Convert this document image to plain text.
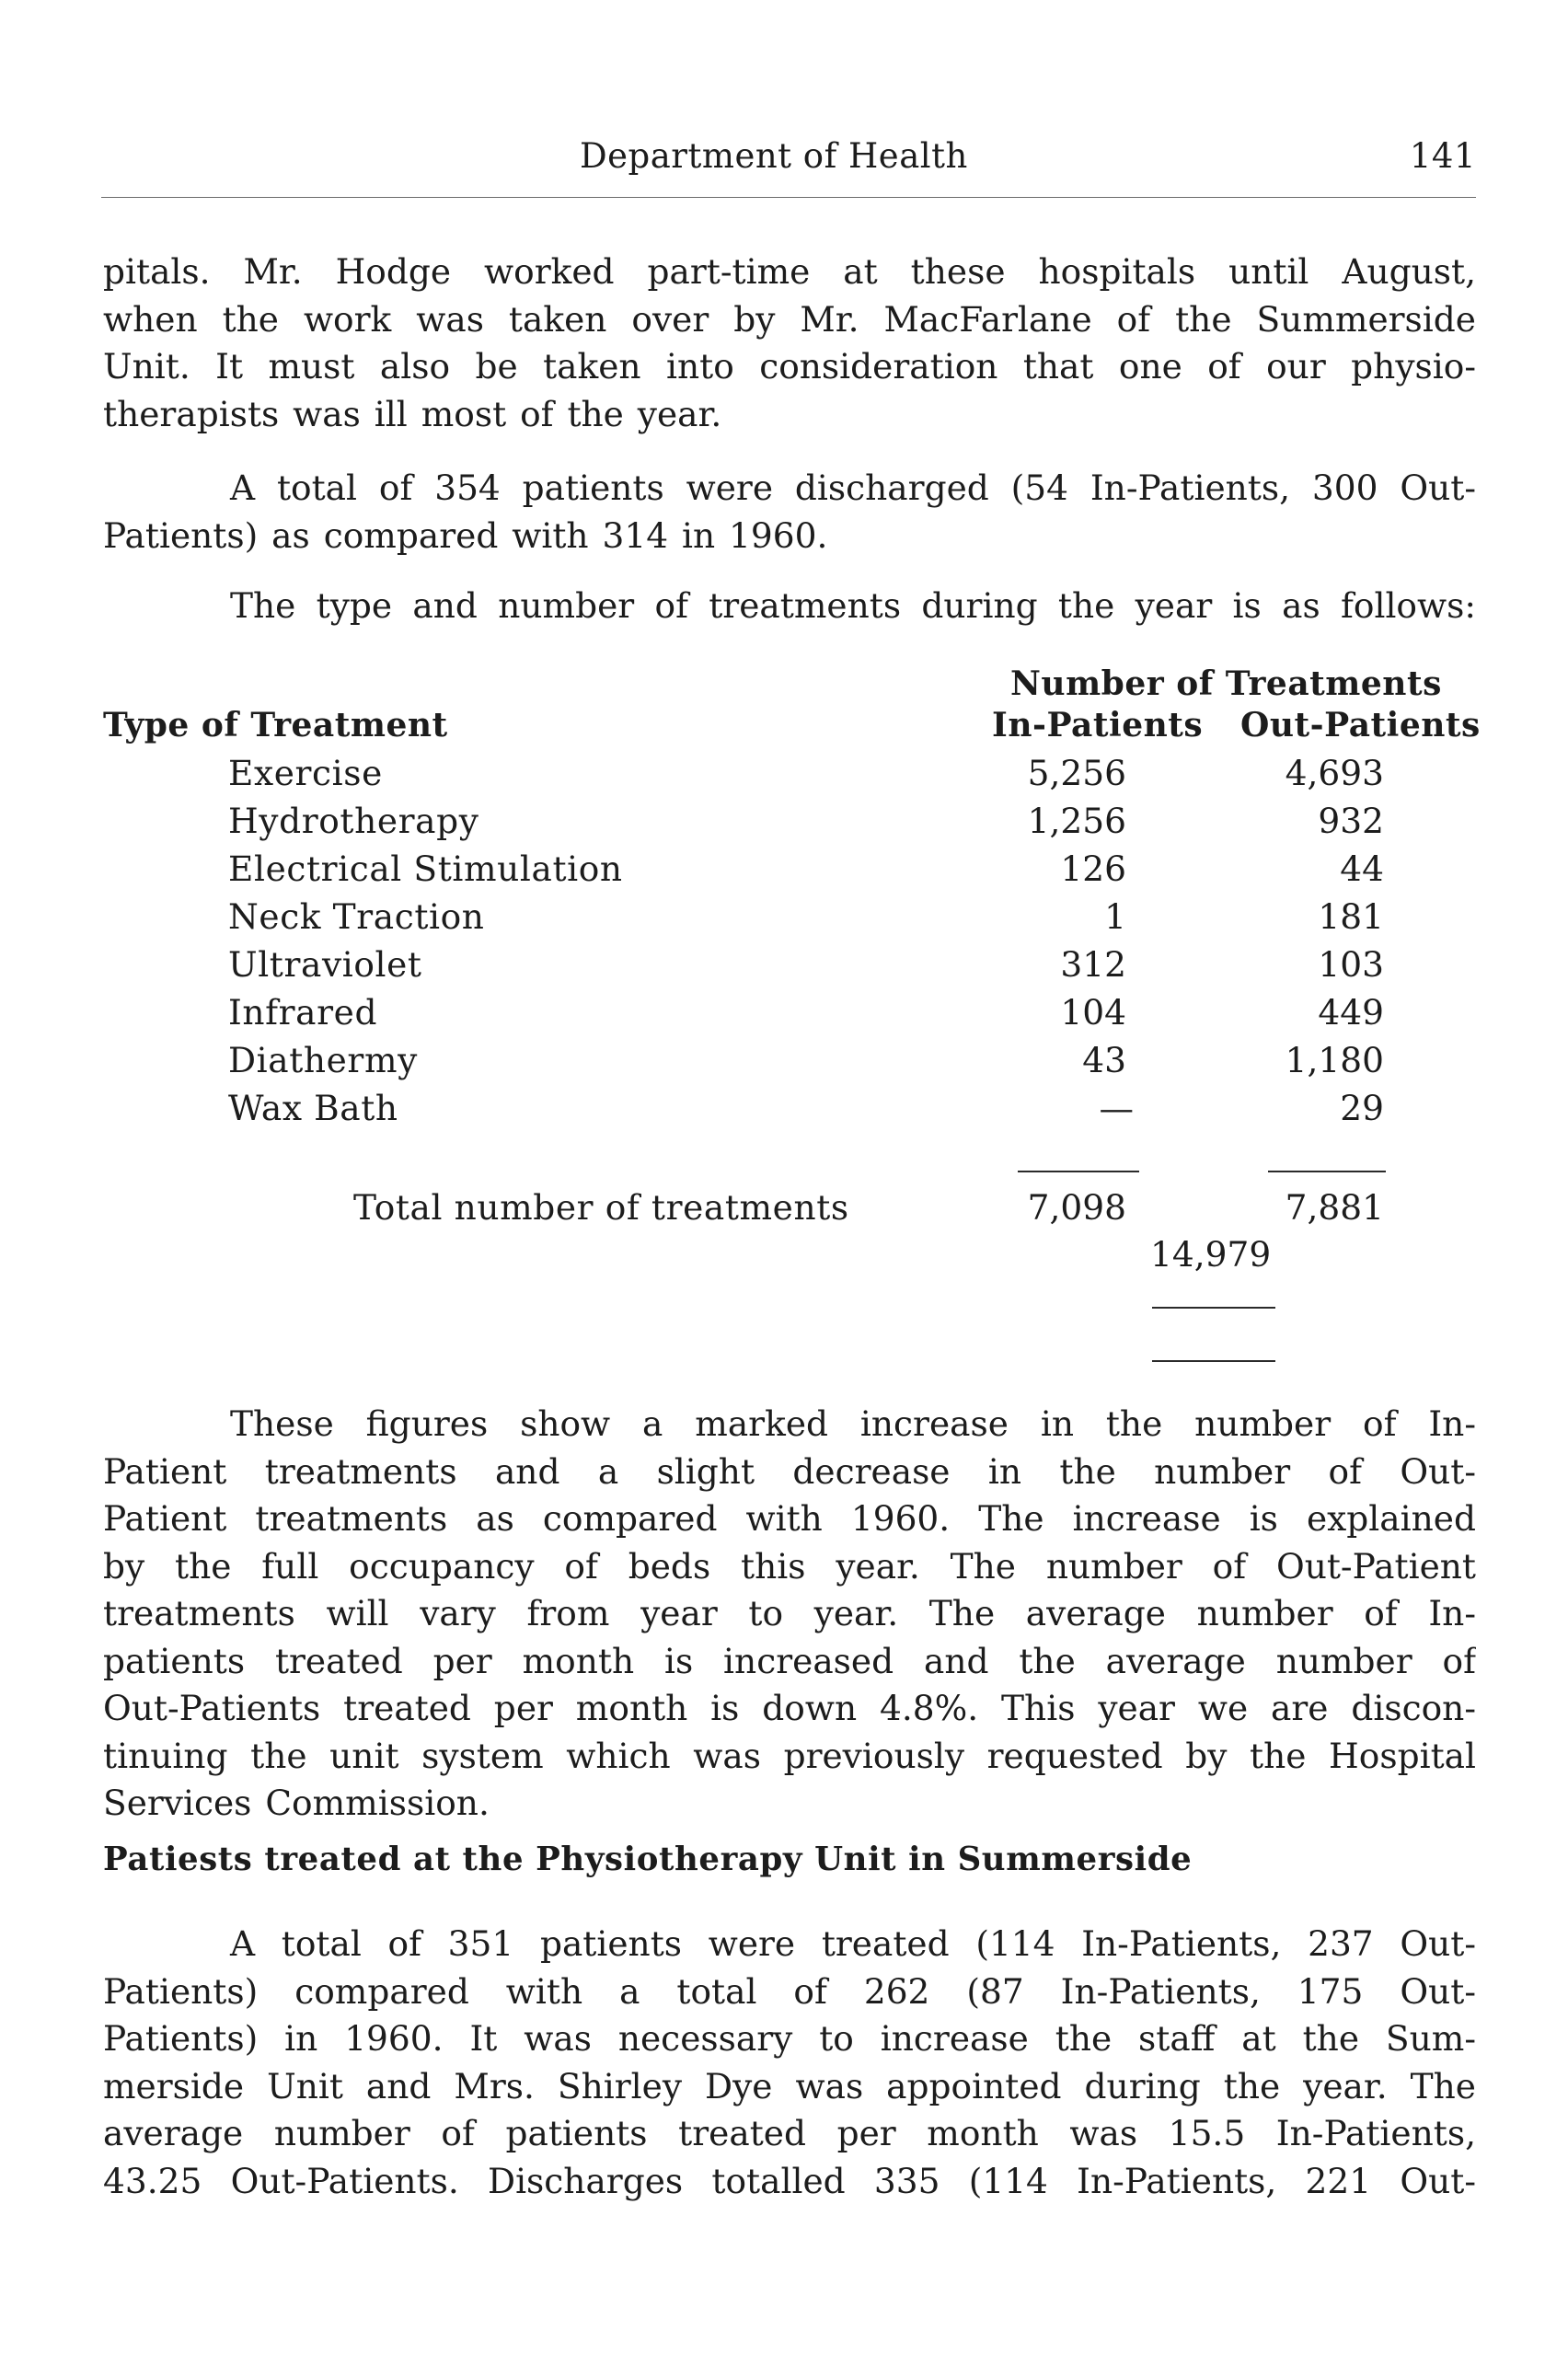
Department of Health	141
pitals. Mr. Hodge worked part-time at these hospitals until August,
when the work was taken over by Mr. MacFarlane of the Summerside
Unit. It must also be taken into consideration that one of our physio-
therapists was ill most of the year.
A total of 354 patients were discharged (54 In-Patients, 300 Out-
Patients) as compared with 314 in 1960.
The type and number of treatments during the year is as follows:
Number of Treatments
Type of Treatment	In-Patients Out-Patients
Exercise	5,256	4,693
Hydrotherapy	1,256	932
Electrical Stimulation	126	44
Neck Traction	1	181
Ultraviolet	312	103
Infrared	104	449
Diathermy	43	1,180
Wax Bath	—	29
Total number of treatments	7,098	7,881
14,979
These figures show a marked increase in the number of In-
Patient treatments and a slight decrease in the number of Out-
Patient treatments as compared with 1960. The increase is explained
by the full occupancy of beds this year. The number of Out-Patient
treatments will vary from year to year. The average number of In-
patients treated per month is increased and the average number of
Out-Patients treated per month is down 4.8%. This year we are discon-
tinuing the unit system which was previously requested by the Hospital
Services Commission.
Patiests treated at the Physiotherapy Unit in Summerside
A total of 351 patients were treated (114 In-Patients, 237 Out-
Patients) compared with a total of 262 (87 In-Patients, 175 Out-
Patients) in 1960. It was necessary to increase the staff at the Sum-
merside Unit and Mrs. Shirley Dye was appointed during the year. The
average number of patients treated per month was 15.5 In-Patients,
43.25 Out-Patients. Discharges totalled 335 (114 In-Patients, 221 Out-
